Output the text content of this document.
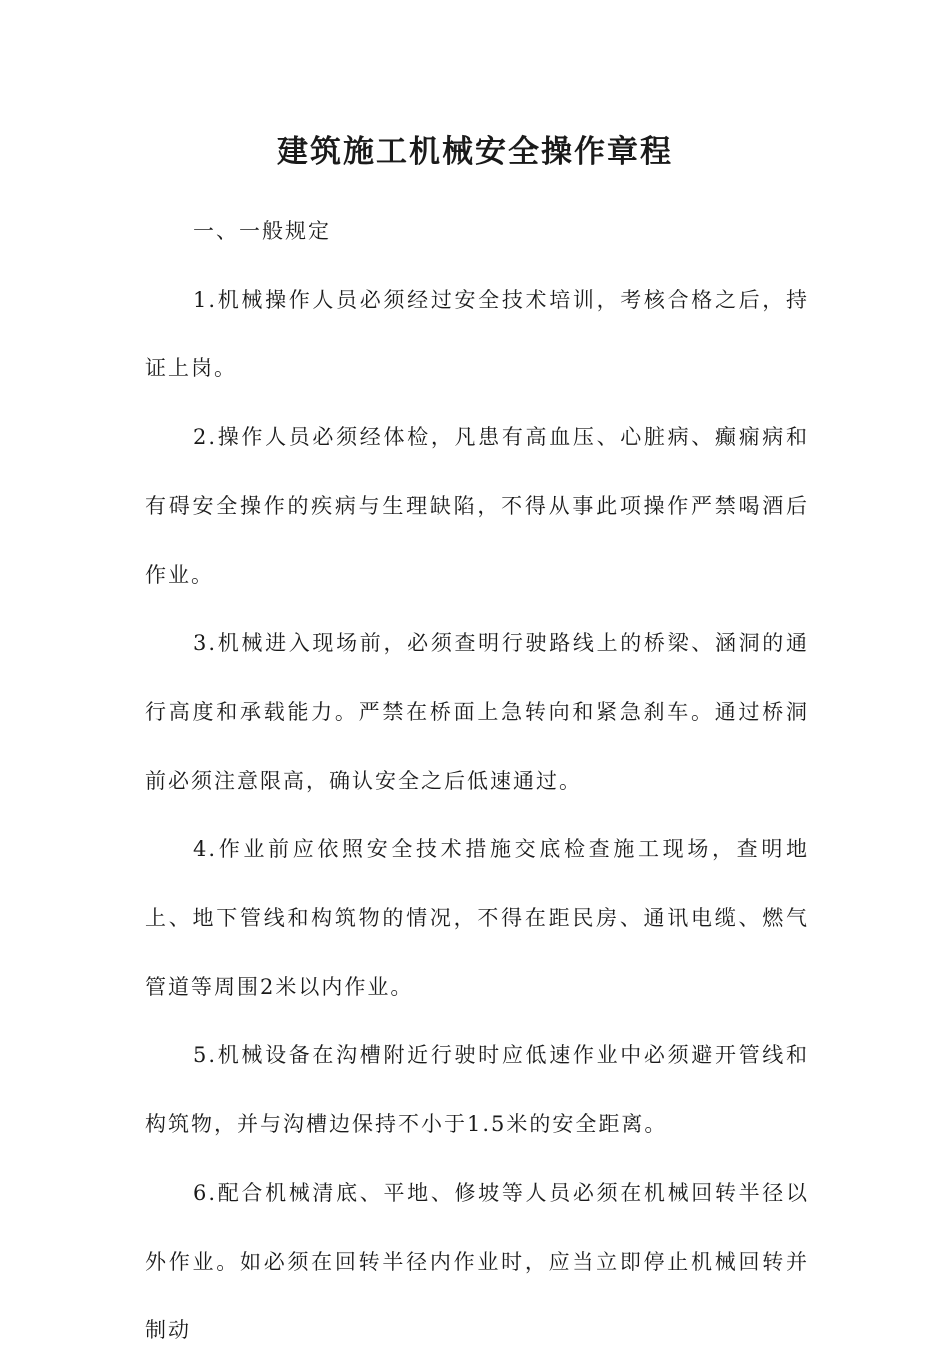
建筑施工机械安全操作章程

一、一般规定

1.机械操作人员必须经过安全技术培训，考核合格之后，持证上岗。

2.操作人员必须经体检，凡患有高血压、心脏病、癫痫病和有碍安全操作的疾病与生理缺陷，不得从事此项操作严禁喝酒后作业。

3.机械进入现场前，必须查明行驶路线上的桥梁、涵洞的通行高度和承载能力。严禁在桥面上急转向和紧急刹车。通过桥洞前必须注意限高，确认安全之后低速通过。

4.作业前应依照安全技术措施交底检查施工现场，查明地上、地下管线和构筑物的情况，不得在距民房、通讯电缆、燃气管道等周围2米以内作业。

5.机械设备在沟槽附近行驶时应低速作业中必须避开管线和构筑物，并与沟槽边保持不小于1.5米的安全距离。

6.配合机械清底、平地、修坡等人员必须在机械回转半径以外作业。如必须在回转半径内作业时，应当立即停止机械回转并制动
